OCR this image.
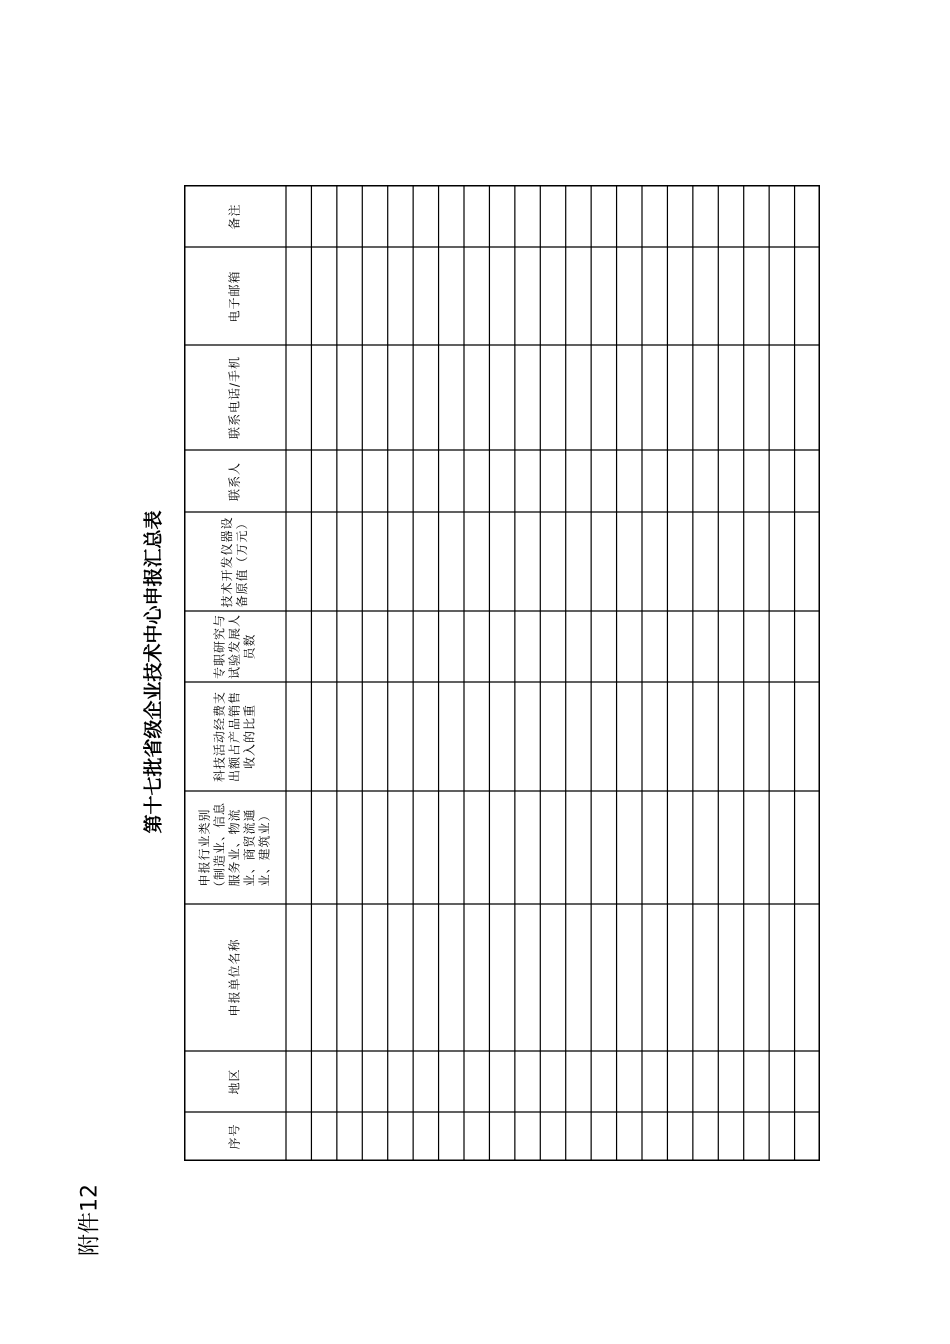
附件12
第十七批省级企业技术中心申报汇总表
序号
地区
申报单位名称
申报行业类别（制造业、信息服务业、物流业、商贸流通业、建筑业）
科技活动经费支出额占产品销售收入的比重
专职研究与试验发展人员数
技术开发仪器设备原值（万元）
联系人
联系电话/手机
电子邮箱
备注
